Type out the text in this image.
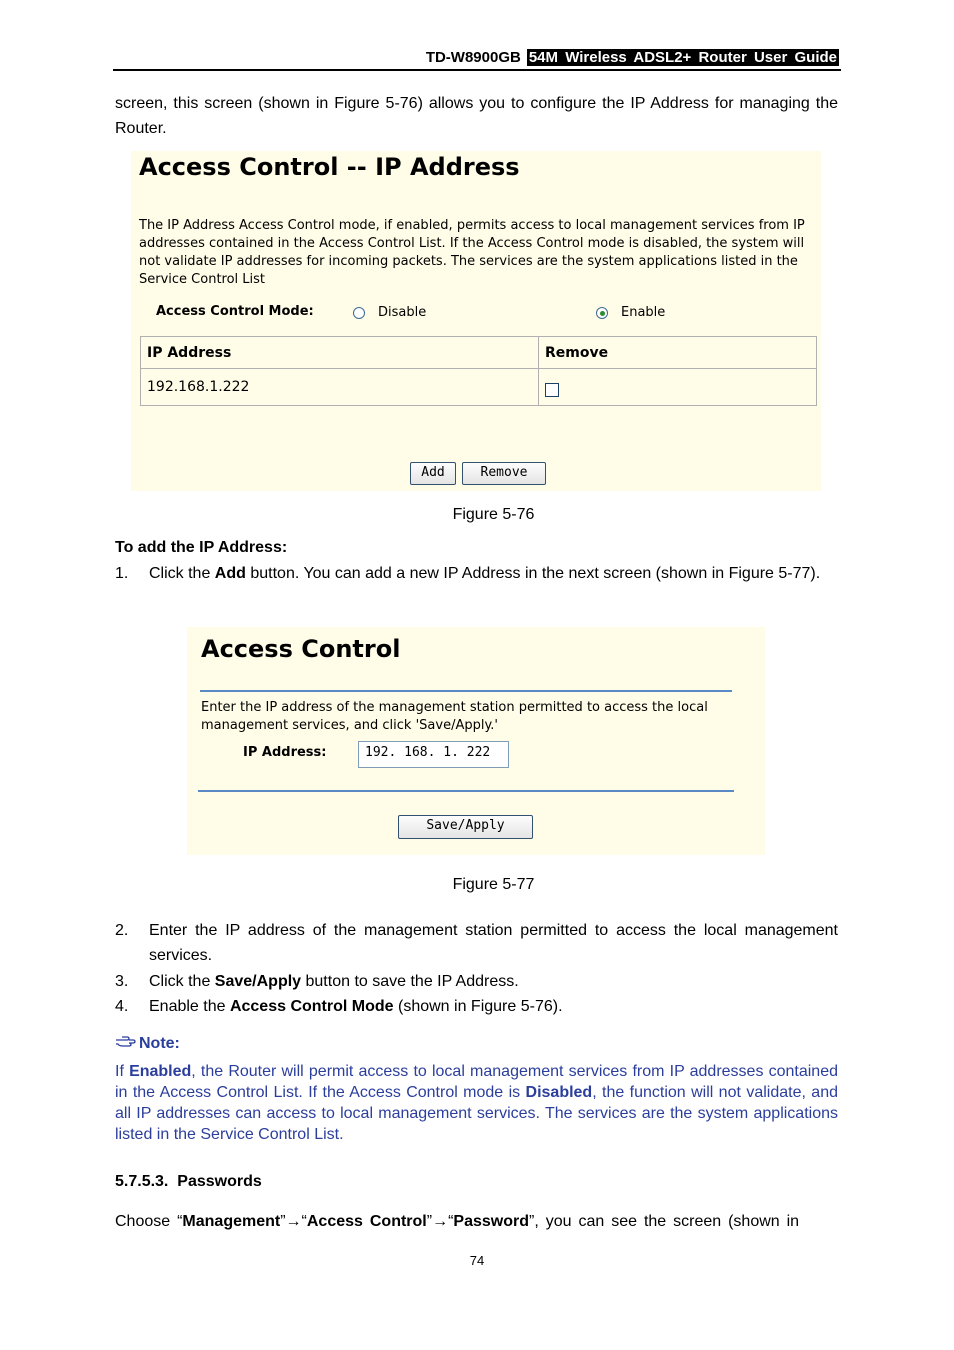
TD-W8900GB 54M Wireless ADSL2+ Router User Guide
screen, this screen (shown in Figure 5-76) allows you to configure the IP Address for managing the Router.
Access Control -- IP Address
The IP Address Access Control mode, if enabled, permits access to local management services from IP addresses contained in the Access Control List. If the Access Control mode is disabled, the system will not validate IP addresses for incoming packets. The services are the system applications listed in the Service Control List
Access Control Mode:	Disable	Enable
IP Address	Remove
192.168.1.222	
Add	Remove
Figure 5-76
To add the IP Address:
1. Click the Add button. You can add a new IP Address in the next screen (shown in Figure 5-77).
Access Control
Enter the IP address of the management station permitted to access the local management services, and click 'Save/Apply.'
IP Address:	192. 168. 1. 222
Save/Apply
Figure 5-77
2. Enter the IP address of the management station permitted to access the local management services.
3. Click the Save/Apply button to save the IP Address.
4. Enable the Access Control Mode (shown in Figure 5-76).
Note:
If Enabled, the Router will permit access to local management services from IP addresses contained in the Access Control List. If the Access Control mode is Disabled, the function will not validate, and all IP addresses can access to local management services. The services are the system applications listed in the Service Control List.
5.7.5.3. Passwords
Choose “Management”→“Access Control”→“Password”, you can see the screen (shown in
74
